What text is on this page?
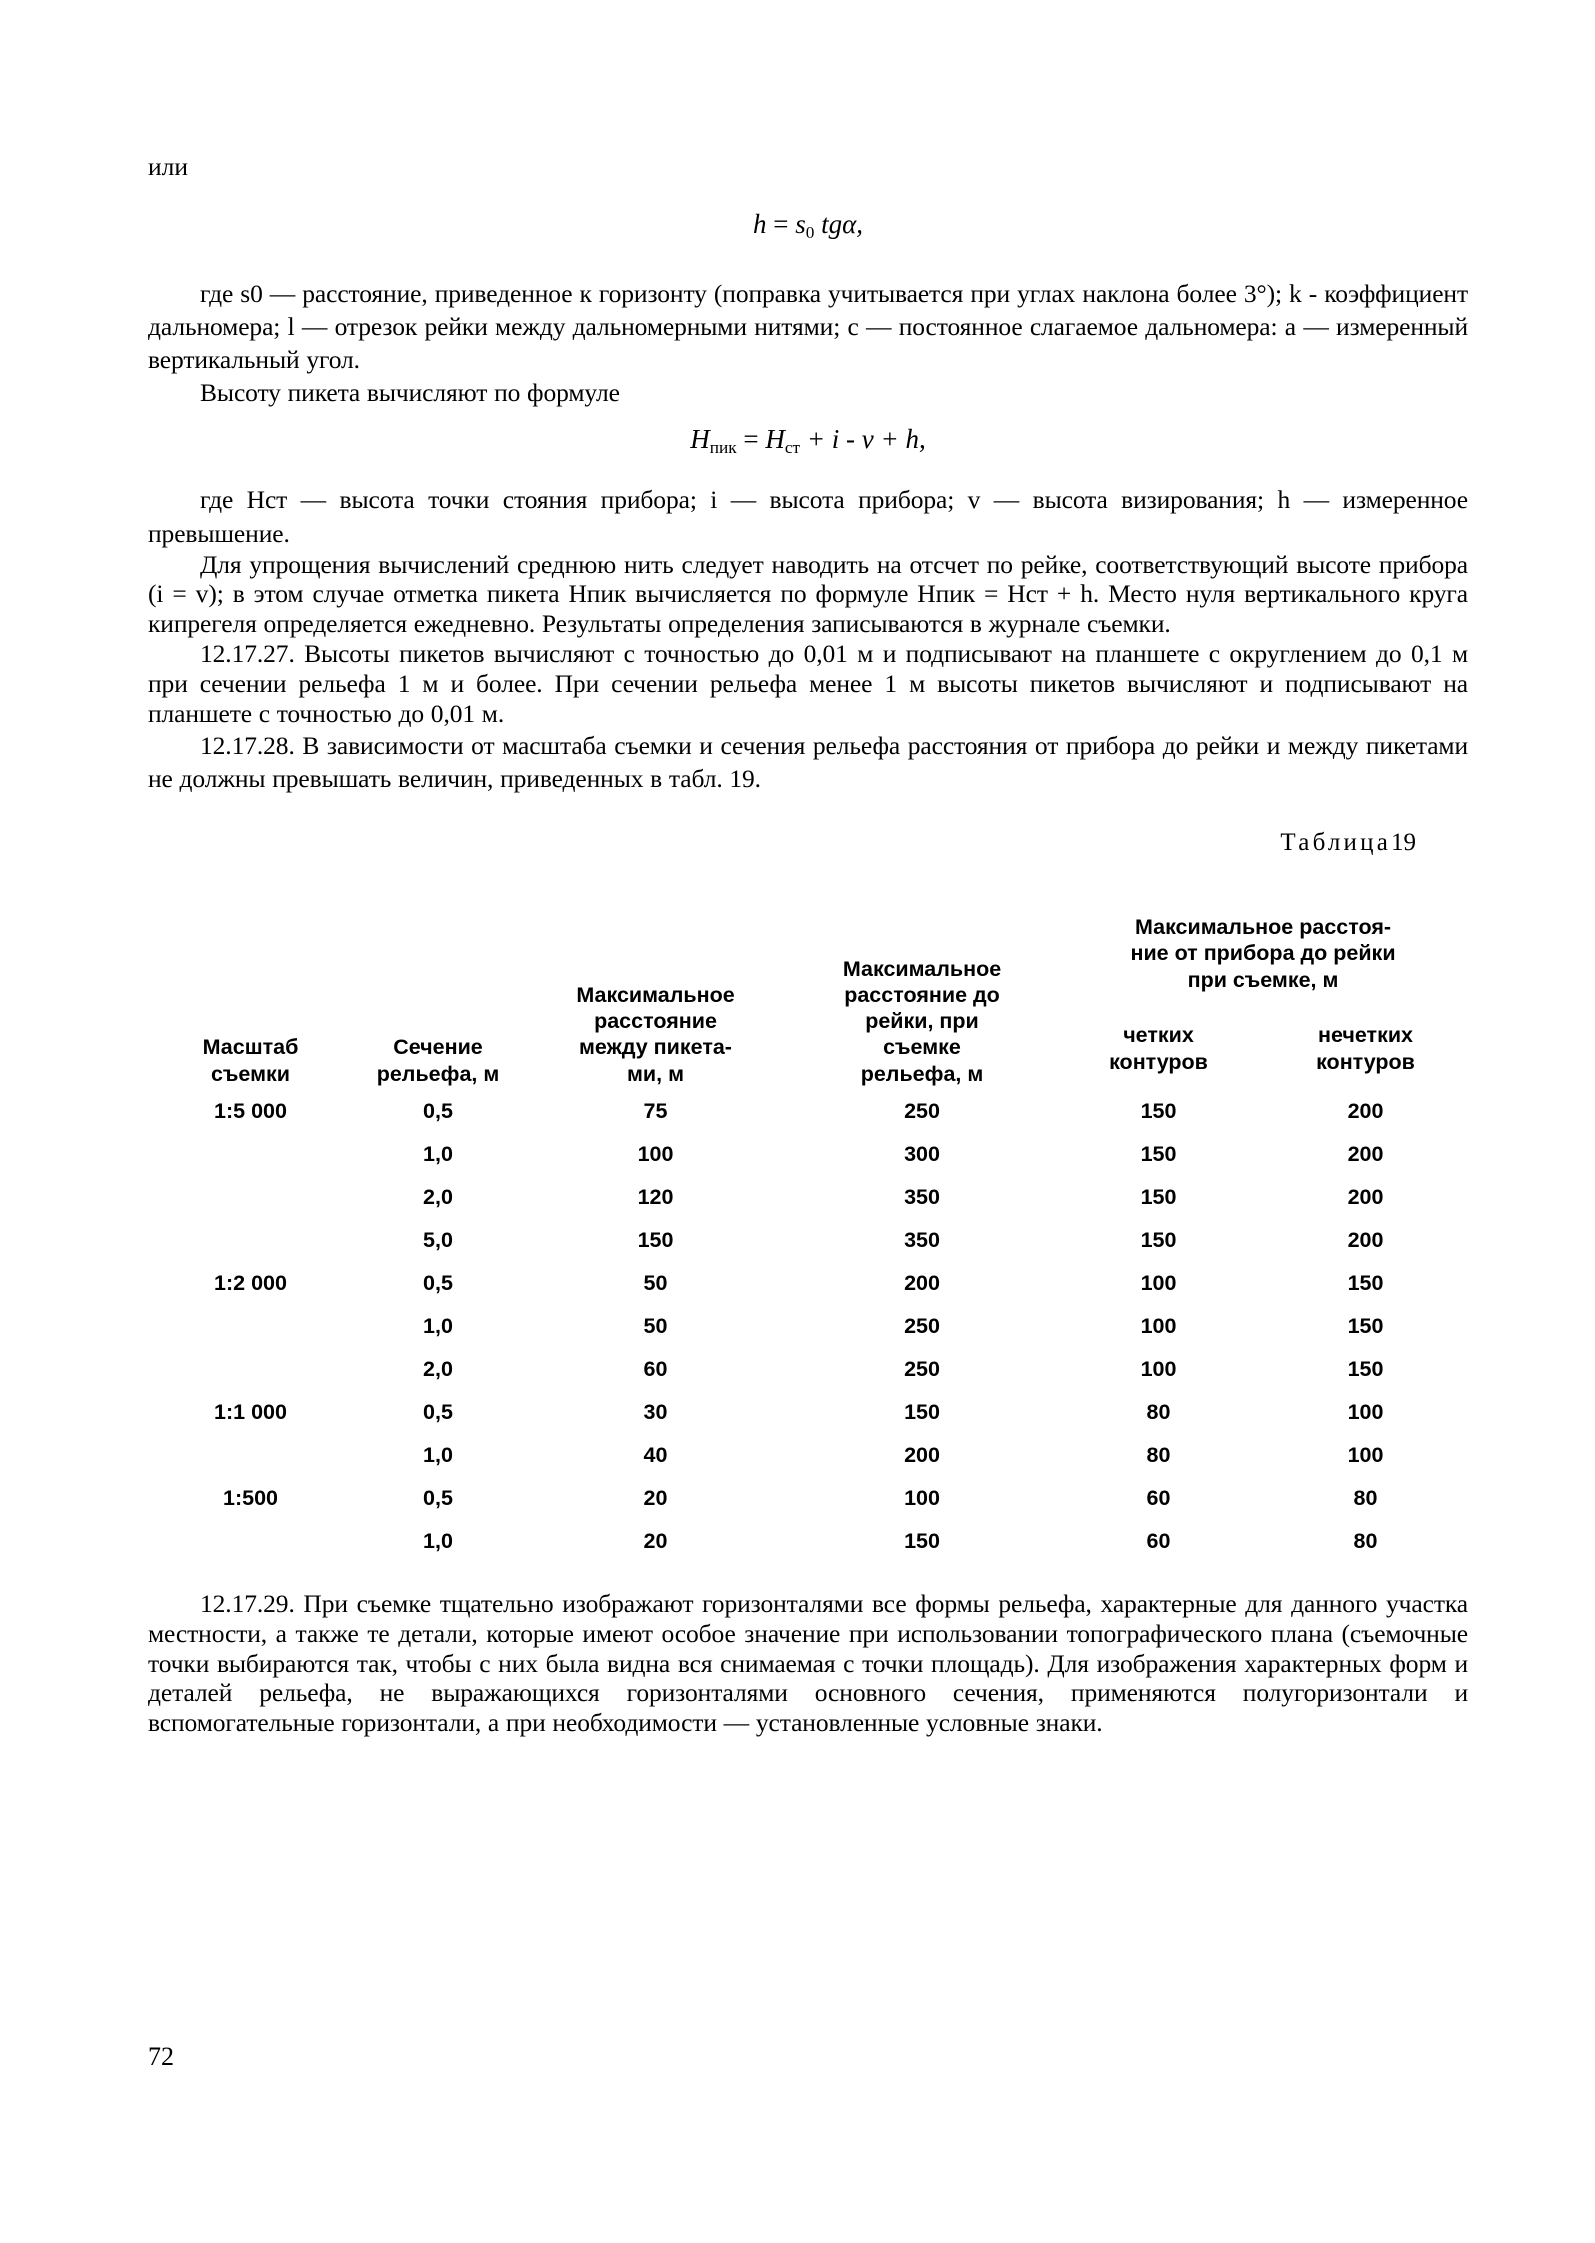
или

$h = s_0$ tgα,

где s0 — расстояние, приведенное к горизонту (поправка учитывается при углах наклона более 3°); k - коэффициент дальномера; l — отрезок рейки между дальномерными нитями; c — постоянное слагаемое дальномера: a — измеренный вертикальный угол.

Высоту пикета вычисляют по формуле

$H_{пик} = H_{ст} + i - v + h$,

где Hст — высота точки стояния прибора; i — высота прибора; v — высота визирования; h — измеренное превышение.

Для упрощения вычислений среднюю нить следует наводить на отсчет по рейке, соответствующий высоте прибора (i = v); в этом случае отметка пикета Hпик вычисляется по формуле Hпик = Hст + h. Место нуля вертикального круга кипрегеля определяется ежедневно. Результаты определения записываются в журнале съемки.

12.17.27. Высоты пикетов вычисляют с точностью до 0,01 м и подписывают на планшете с округлением до 0,1 м при сечении рельефа 1 м и более. При сечении рельефа менее 1 м высоты пикетов вычисляют и подписывают на планшете с точностью до 0,01 м.

12.17.28. В зависимости от масштаба съемки и сечения рельефа расстояния от прибора до рейки и между пикетами не должны превышать величин, приведенных в табл. 19.

Таблица19

Масштаб
съемки

Сечение
рельефа, м

Максимальное
расстояние
между пикета-
ми, м

Максимальное
расстояние до
рейки, при
съемке
рельефа, м

Максимальное расстоя-
ние от прибора до рейки
при съемке, м

четких
контуров

нечетких
контуров

1:5 000	0,5	75	250	150	200
	1,0	100	300	150	200
	2,0	120	350	150	200
	5,0	150	350	150	200
1:2 000	0,5	50	200	100	150
	1,0	50	250	100	150
	2,0	60	250	100	150
1:1 000	0,5	30	150	80	100
	1,0	40	200	80	100
1:500	0,5	20	100	60	80
	1,0	20	150	60	80

12.17.29. При съемке тщательно изображают горизонталями все формы рельефа, характерные для данного участка местности, а также те детали, которые имеют особое значение при использовании топографического плана (съемочные точки выбираются так, чтобы с них была видна вся снимаемая с точки площадь). Для изображения характерных форм и деталей рельефа, не выражающихся горизонталями основного сечения, применяются полугоризонтали и вспомогательные горизонтали, а при необходимости — установленные условные знаки.

72
